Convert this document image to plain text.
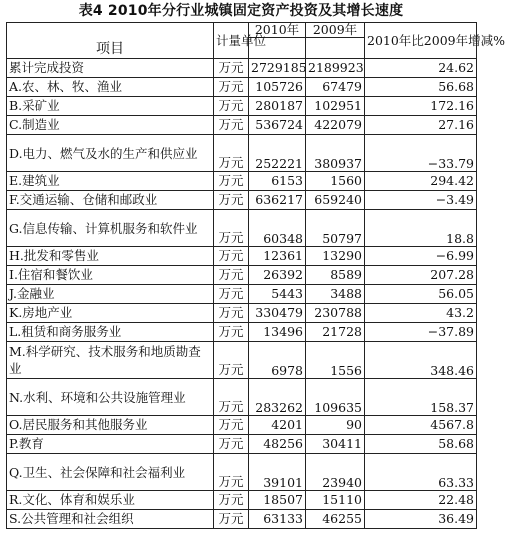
表4 2010年分行业城镇固定资产投资及其增长速度
项目	计量单位	2010年	2009年	2010年比2009年增减%

累计完成投资	万元	2729185	2189923	24.62
A.农、林、牧、渔业	万元	105726	67479	56.68
B.采矿业	万元	280187	102951	172.16
C.制造业	万元	536724	422079	27.16
D.电力、燃气及水的生产和供应业	万元	252221	380937	−33.79
E.建筑业	万元	6153	1560	294.42
F.交通运输、仓储和邮政业	万元	636217	659240	−3.49
G.信息传输、计算机服务和软件业	万元	60348	50797	18.8
H.批发和零售业	万元	12361	13290	−6.99
I.住宿和餐饮业	万元	26392	8589	207.28
J.金融业	万元	5443	3488	56.05
K.房地产业	万元	330479	230788	43.2
L.租赁和商务服务业	万元	13496	21728	−37.89
M.科学研究、技术服务和地质勘查业	万元	6978	1556	348.46
N.水利、环境和公共设施管理业	万元	283262	109635	158.37
O.居民服务和其他服务业	万元	4201	90	4567.8
P.教育	万元	48256	30411	58.68
Q.卫生、社会保障和社会福利业	万元	39101	23940	63.33
R.文化、体育和娱乐业	万元	18507	15110	22.48
S.公共管理和社会组织	万元	63133	46255	36.49
